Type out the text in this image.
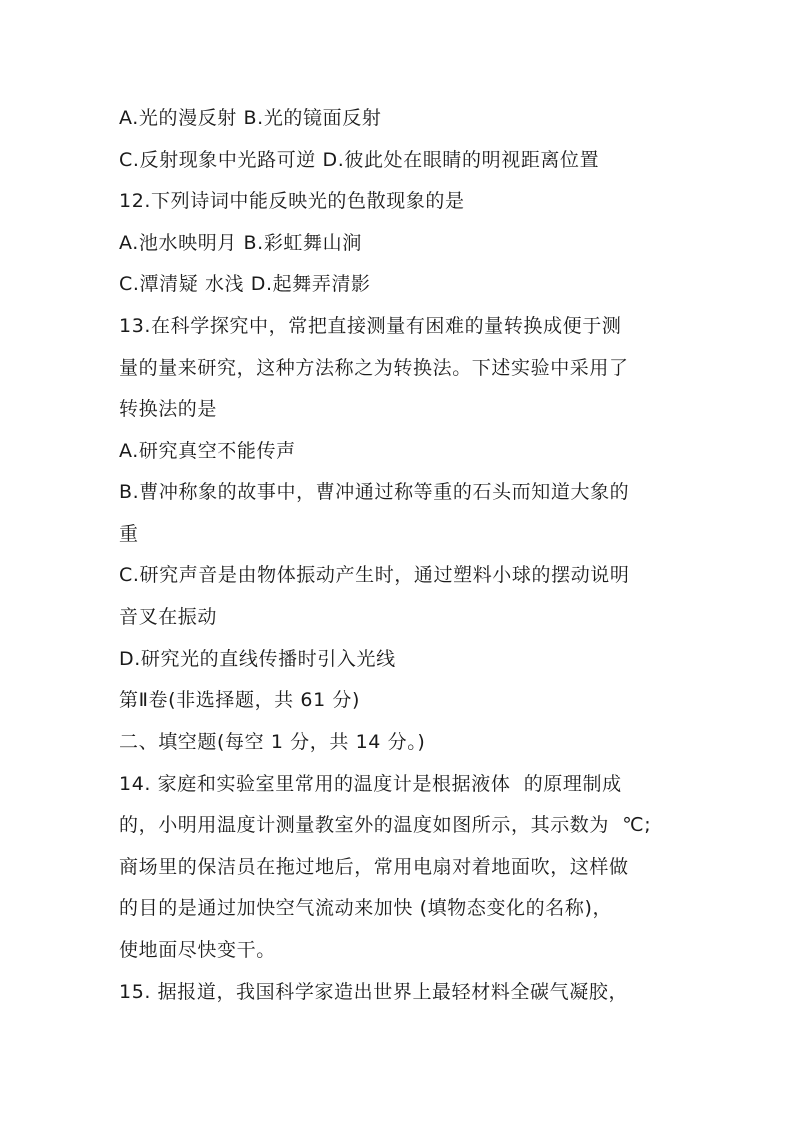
A.光的漫反射 B.光的镜面反射

C.反射现象中光路可逆 D.彼此处在眼睛的明视距离位置

12.下列诗词中能反映光的色散现象的是

A.池水映明月 B.彩虹舞山涧

C.潭清疑 水浅 D.起舞弄清影

13.在科学探究中，常把直接测量有困难的量转换成便于测

量的量来研究，这种方法称之为转换法。下述实验中采用了

转换法的是

A.研究真空不能传声

B.曹冲称象的故事中，曹冲通过称等重的石头而知道大象的

重

C.研究声音是由物体振动产生时，通过塑料小球的摆动说明

音叉在振动

D.研究光的直线传播时引入光线

第Ⅱ卷(非选择题，共 61 分)

二、填空题(每空 1 分，共 14 分。)

14. 家庭和实验室里常用的温度计是根据液体  的原理制成

的，小明用温度计测量教室外的温度如图所示，其示数为  ℃;

商场里的保洁员在拖过地后，常用电扇对着地面吹，这样做

的目的是通过加快空气流动来加快 (填物态变化的名称)，

使地面尽快变干。

15. 据报道，我国科学家造出世界上最轻材料全碳气凝胶，
